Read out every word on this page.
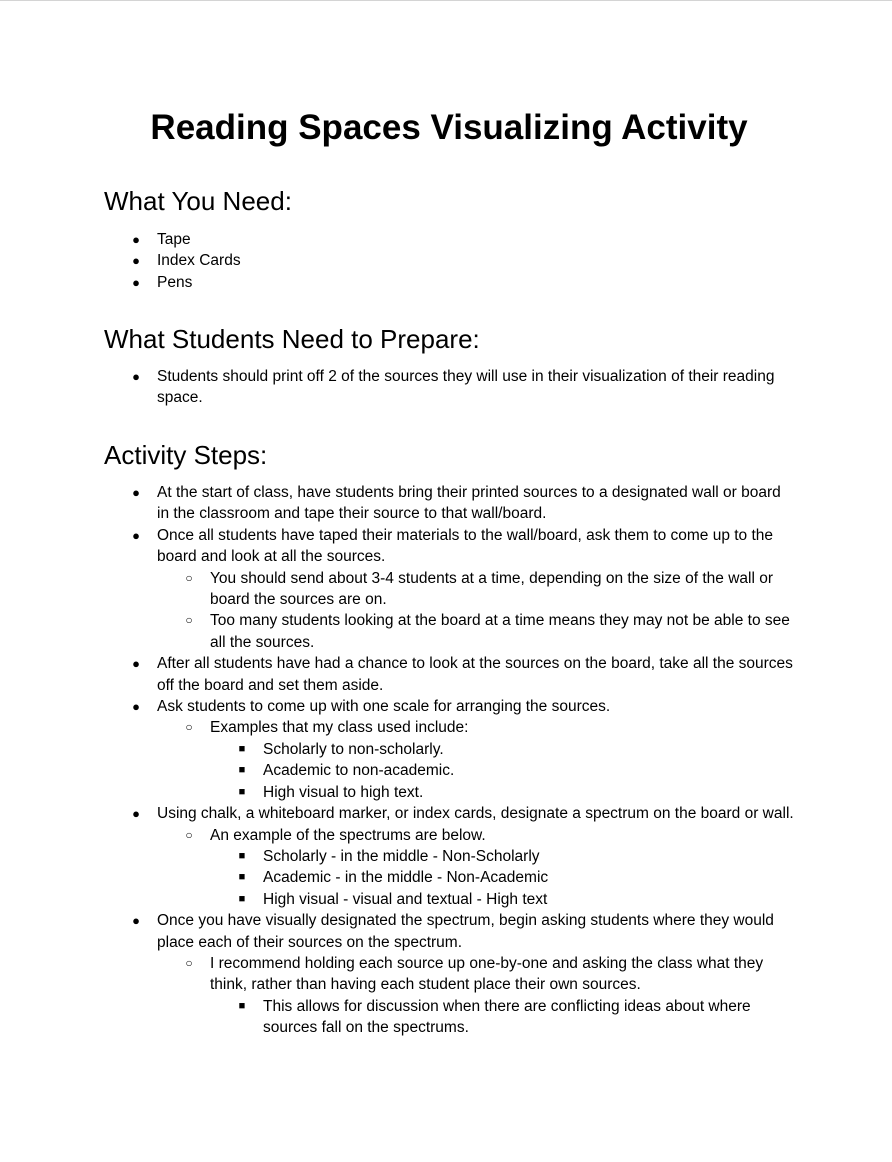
Reading Spaces Visualizing Activity
What You Need:
●	Tape
●	Index Cards
●	Pens
What Students Need to Prepare:
●	Students should print off 2 of the sources they will use in their visualization of their reading space.
Activity Steps:
●	At the start of class, have students bring their printed sources to a designated wall or board in the classroom and tape their source to that wall/board.
●	Once all students have taped their materials to the wall/board, ask them to come up to the board and look at all the sources.
○	You should send about 3-4 students at a time, depending on the size of the wall or board the sources are on.
○	Too many students looking at the board at a time means they may not be able to see all the sources.
●	After all students have had a chance to look at the sources on the board, take all the sources off the board and set them aside.
●	Ask students to come up with one scale for arranging the sources.
○	Examples that my class used include:
■	Scholarly to non-scholarly.
■	Academic to non-academic.
■	High visual to high text.
●	Using chalk, a whiteboard marker, or index cards, designate a spectrum on the board or wall.
○	An example of the spectrums are below.
■	Scholarly - in the middle - Non-Scholarly
■	Academic - in the middle - Non-Academic
■	High visual - visual and textual - High text
●	Once you have visually designated the spectrum, begin asking students where they would place each of their sources on the spectrum.
○	I recommend holding each source up one-by-one and asking the class what they think, rather than having each student place their own sources.
■	This allows for discussion when there are conflicting ideas about where sources fall on the spectrums.
